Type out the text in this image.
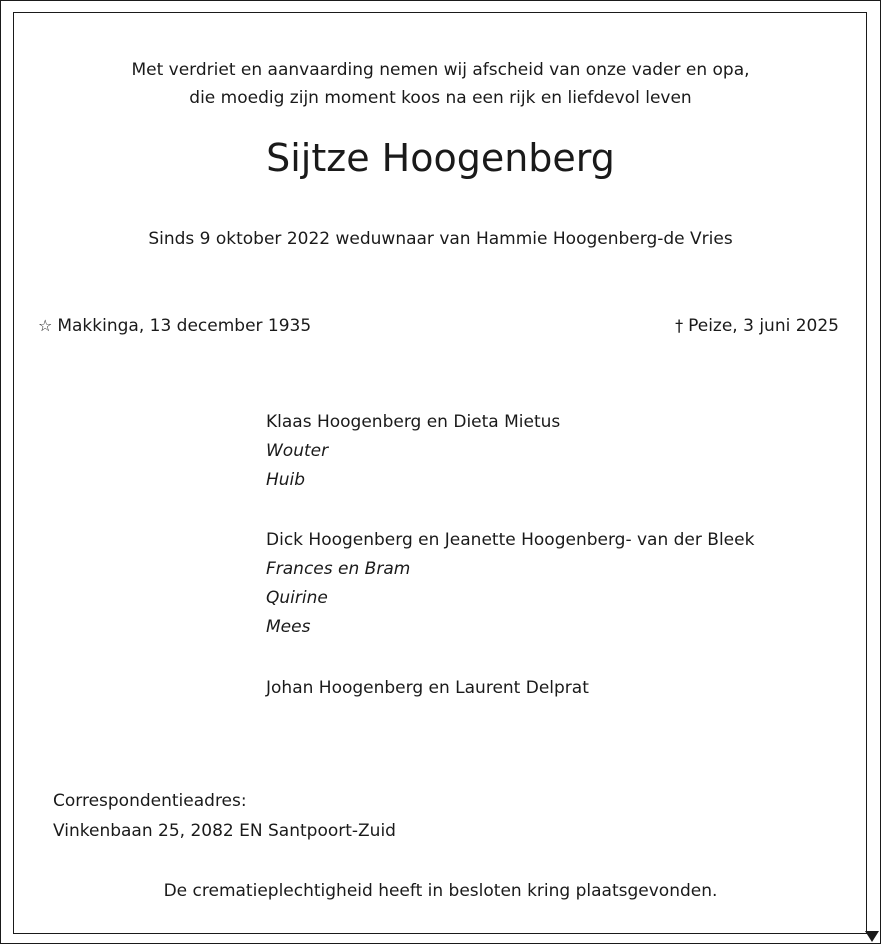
Met verdriet en aanvaarding nemen wij afscheid van onze vader en opa,
die moedig zijn moment koos na een rijk en liefdevol leven
Sijtze Hoogenberg
Sinds 9 oktober 2022 weduwnaar van Hammie Hoogenberg-de Vries
☆ Makkinga, 13 december 1935	† Peize, 3 juni 2025
Klaas Hoogenberg en Dieta Mietus
Wouter
Huib
Dick Hoogenberg en Jeanette Hoogenberg- van der Bleek
Frances en Bram
Quirine
Mees
Johan Hoogenberg en Laurent Delprat
Correspondentieadres:
Vinkenbaan 25, 2082 EN Santpoort-Zuid
De crematieplechtigheid heeft in besloten kring plaatsgevonden.
